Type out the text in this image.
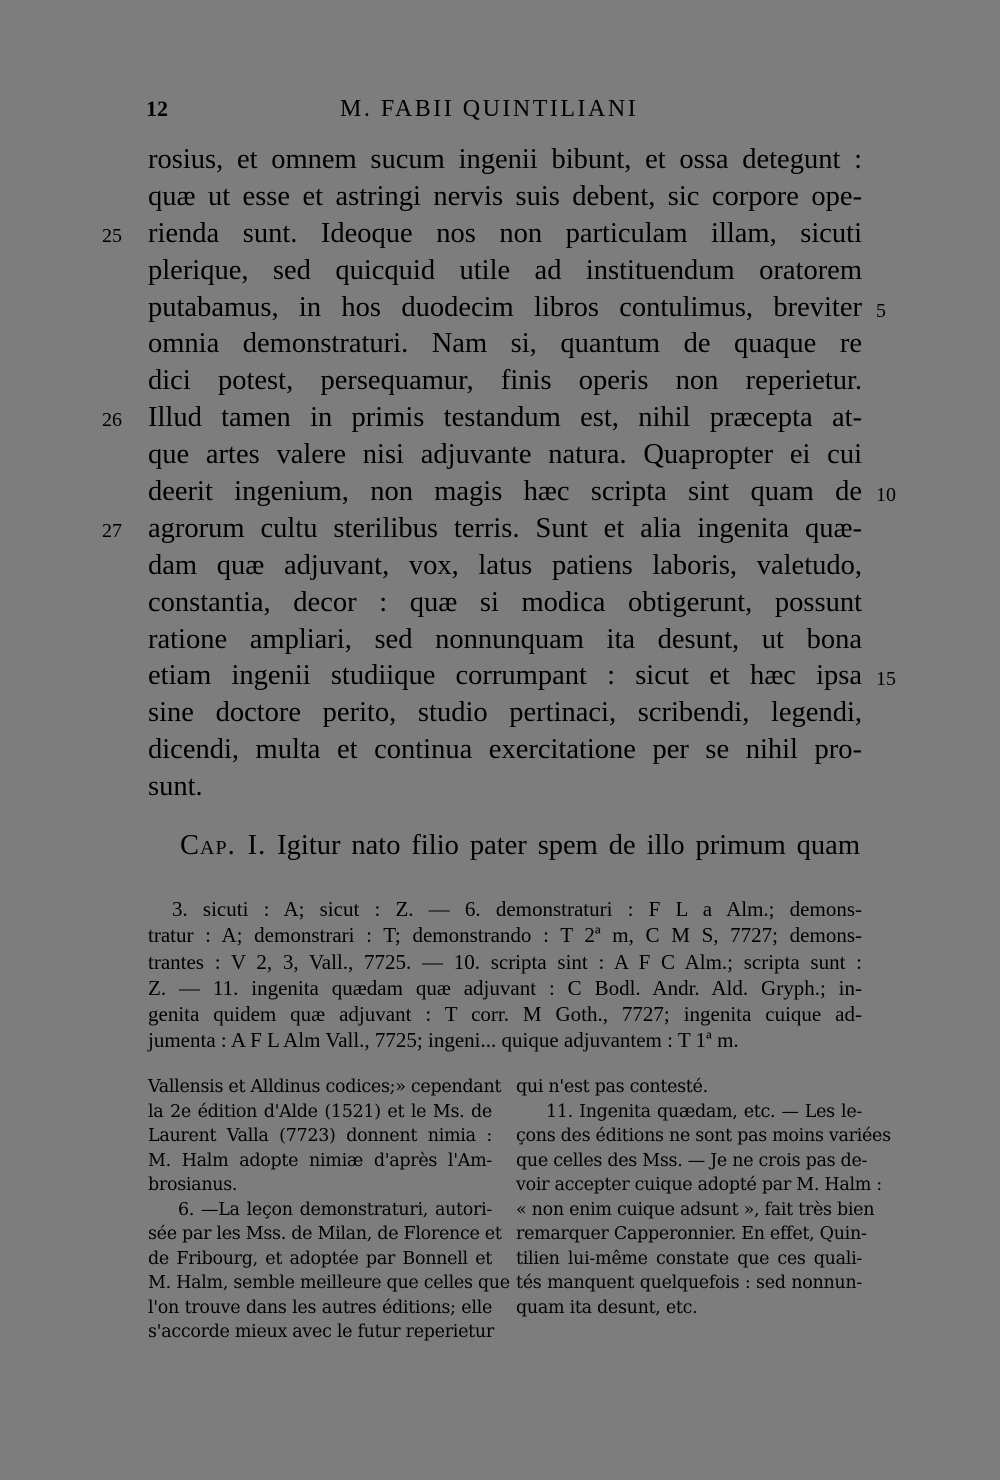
12	M. FABII QUINTILIANI
rosius, et omnem sucum ingenii bibunt, et ossa detegunt :
quæ ut esse et astringi nervis suis debent, sic corpore ope-
rienda sunt. Ideoque nos non particulam illam, sicuti
25
plerique, sed quicquid utile ad instituendum oratorem
putabamus, in hos duodecim libros contulimus, breviter 5
omnia demonstraturi. Nam si, quantum de quaque re
dici potest, persequamur, finis operis non reperietur.
Illud tamen in primis testandum est, nihil præcepta at-
26
que artes valere nisi adjuvante natura. Quapropter ei cui
deerit ingenium, non magis hæc scripta sint quam de 10
agrorum cultu sterilibus terris. Sunt et alia ingenita quæ-
27
dam quæ adjuvant, vox, latus patiens laboris, valetudo,
constantia, decor : quæ si modica obtigerunt, possunt
ratione ampliari, sed nonnunquam ita desunt, ut bona
etiam ingenii studiique corrumpant : sicut et hæc ipsa 15
sine doctore perito, studio pertinaci, scribendi, legendi,
dicendi, multa et continua exercitatione per se nihil pro-
sunt.
Cap. I. Igitur nato filio pater spem de illo primum quam
3. sicuti : A; sicut : Z. — 6. demonstraturi : F L a Alm.; demons-
tratur : A; demonstrari : T; demonstrando : T 2ª m, C M S, 7727; demons-
trantes : V 2, 3, Vall., 7725. — 10. scripta sint : A F C Alm.; scripta sunt :
Z. — 11. ingenita quædam quæ adjuvant : C Bodl. Andr. Ald. Gryph.; in-
genita quidem quæ adjuvant : T corr. M Goth., 7727; ingenita cuique ad-
jumenta : A F L Alm Vall., 7725; ingeni... quique adjuvantem : T 1ª m.
Vallensis et Alldinus codices;» cependant
la 2e édition d'Alde (1521) et le Ms. de
Laurent Valla (7723) donnent nimia :
M. Halm adopte nimiæ d'après l'Am-
brosianus.
6. —La leçon demonstraturi, autori-
sée par les Mss. de Milan, de Florence et
de Fribourg, et adoptée par Bonnell et
M. Halm, semble meilleure que celles que
l'on trouve dans les autres éditions; elle
s'accorde mieux avec le futur reperietur
qui n'est pas contesté.
11. Ingenita quædam, etc. — Les le-
çons des éditions ne sont pas moins variées
que celles des Mss. — Je ne crois pas de-
voir accepter cuique adopté par M. Halm :
« non enim cuique adsunt », fait très bien
remarquer Capperonnier. En effet, Quin-
tilien lui-même constate que ces quali-
tés manquent quelquefois : sed nonnun-
quam ita desunt, etc.
